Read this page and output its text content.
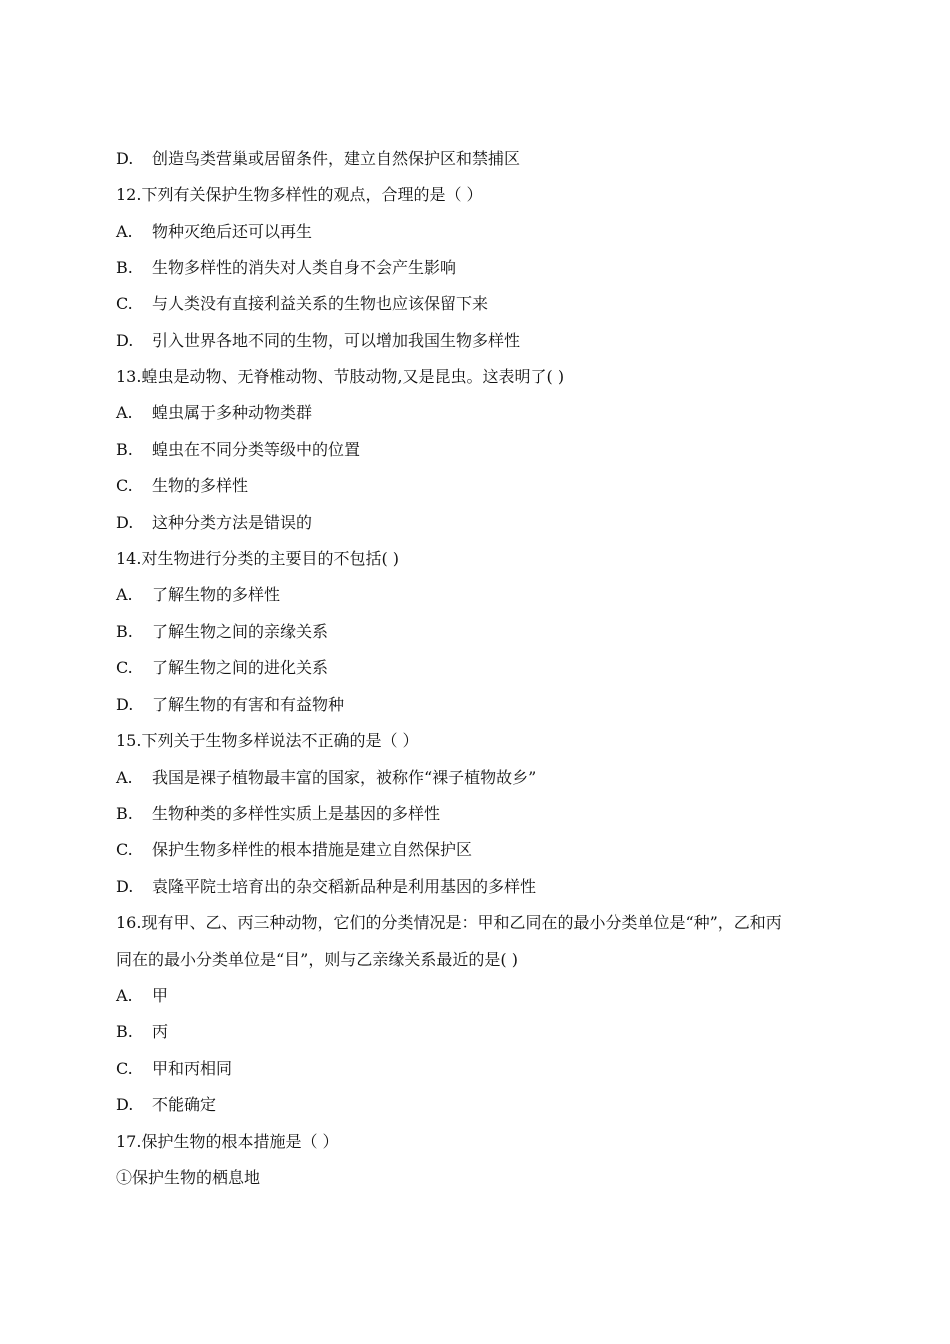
D. 创造鸟类营巢或居留条件，建立自然保护区和禁捕区
12.下列有关保护生物多样性的观点，合理的是（ ）
A. 物种灭绝后还可以再生
B. 生物多样性的消失对人类自身不会产生影响
C. 与人类没有直接利益关系的生物也应该保留下来
D. 引入世界各地不同的生物，可以增加我国生物多样性
13.蝗虫是动物、无脊椎动物、节肢动物,又是昆虫。这表明了( )
A. 蝗虫属于多种动物类群
B. 蝗虫在不同分类等级中的位置
C. 生物的多样性
D. 这种分类方法是错误的
14.对生物进行分类的主要目的不包括( )
A. 了解生物的多样性
B. 了解生物之间的亲缘关系
C. 了解生物之间的进化关系
D. 了解生物的有害和有益物种
15.下列关于生物多样说法不正确的是（ ）
A. 我国是裸子植物最丰富的国家，被称作“裸子植物故乡”
B. 生物种类的多样性实质上是基因的多样性
C. 保护生物多样性的根本措施是建立自然保护区
D. 袁隆平院士培育出的杂交稻新品种是利用基因的多样性
16.现有甲、乙、丙三种动物，它们的分类情况是：甲和乙同在的最小分类单位是“种”，乙和丙
同在的最小分类单位是“目”，则与乙亲缘关系最近的是( )
A. 甲
B. 丙
C. 甲和丙相同
D. 不能确定
17.保护生物的根本措施是（ ）
①保护生物的栖息地
